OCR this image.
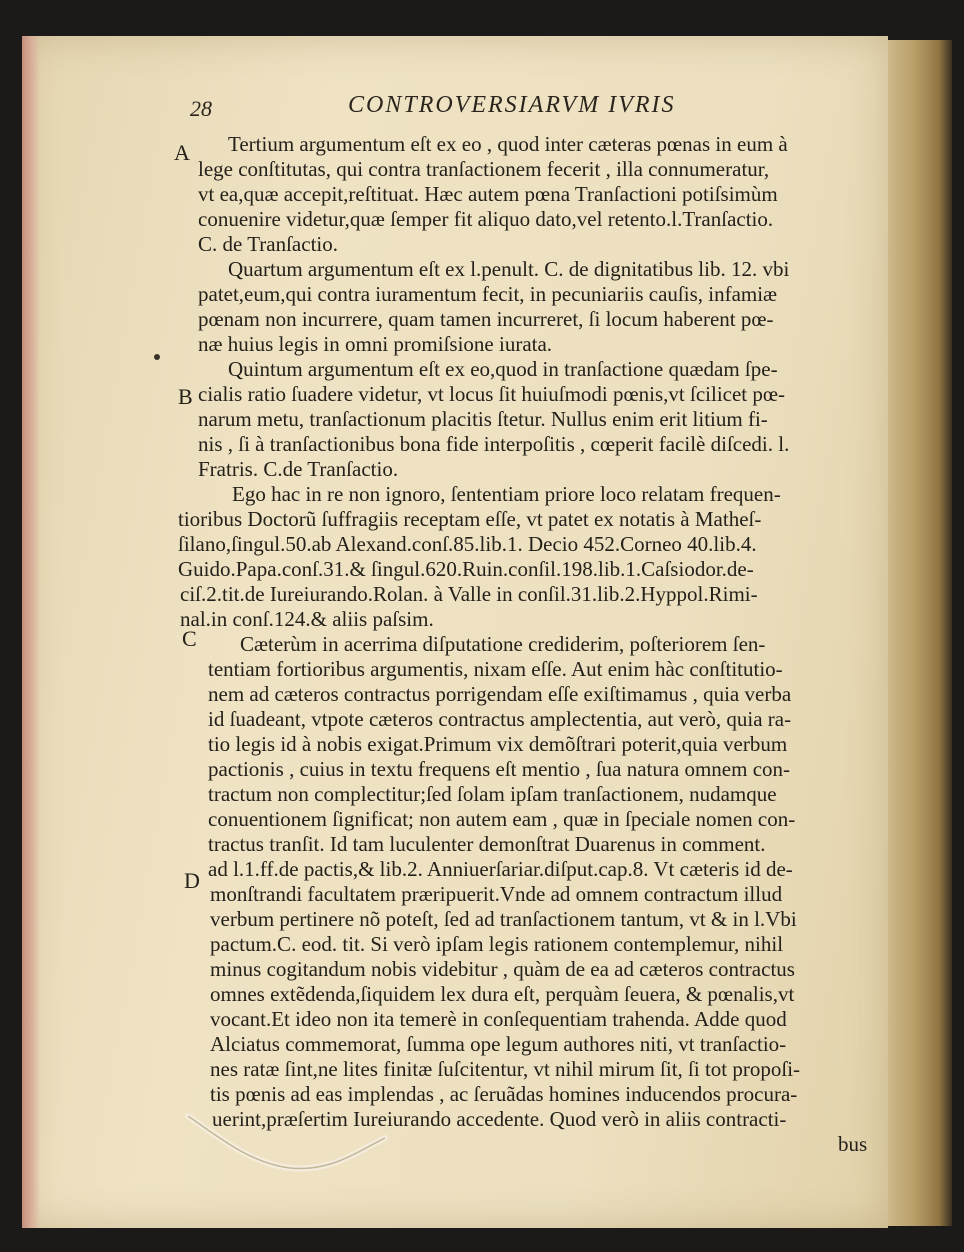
28	CONTROVERSIARVM IVRIS
A
B
C
D
Tertium argumentum eſt ex eo , quod inter cæteras pœnas in eum à
lege conſtitutas, qui contra tranſactionem fecerit , illa connumeratur,
vt ea,quæ accepit,reſtituat. Hæc autem pœna Tranſactioni potiſsimùm
conuenire videtur,quæ ſemper fit aliquo dato,vel retento.l.Tranſactio.
C. de Tranſactio.
Quartum argumentum eſt ex l.penult. C. de dignitatibus lib. 12. vbi
patet,eum,qui contra iuramentum fecit, in pecuniariis cauſis, infamiæ
pœnam non incurrere, quam tamen incurreret, ſi locum haberent pœ-
næ huius legis in omni promiſsione iurata.
Quintum argumentum eſt ex eo,quod in tranſactione quædam ſpe-
cialis ratio ſuadere videtur, vt locus ſit huiuſmodi pœnis,vt ſcilicet pœ-
narum metu, tranſactionum placitis ſtetur. Nullus enim erit litium fi-
nis , ſi à tranſactionibus bona fide interpoſitis , cœperit facilè diſcedi. l.
Fratris. C.de Tranſactio.
Ego hac in re non ignoro, ſententiam priore loco relatam frequen-
tioribus Doctorũ ſuffragiis receptam eſſe, vt patet ex notatis à Matheſ-
ſilano,ſingul.50.ab Alexand.conſ.85.lib.1. Decio 452.Corneo 40.lib.4.
Guido.Papa.conſ.31.& ſingul.620.Ruin.conſil.198.lib.1.Caſsiodor.de-
ciſ.2.tit.de Iureiurando.Rolan. à Valle in conſil.31.lib.2.Hyppol.Rimi-
nal.in conſ.124.& aliis paſsim.
Cæterùm in acerrima diſputatione crediderim, poſteriorem ſen-
tentiam fortioribus argumentis, nixam eſſe. Aut enim hàc conſtitutio-
nem ad cæteros contractus porrigendam eſſe exiſtimamus , quia verba
id ſuadeant, vtpote cæteros contractus amplectentia, aut verò, quia ra-
tio legis id à nobis exigat.Primum vix demõſtrari poterit,quia verbum
pactionis , cuius in textu frequens eſt mentio , ſua natura omnem con-
tractum non complectitur;ſed ſolam ipſam tranſactionem, nudamque
conuentionem ſignificat; non autem eam , quæ in ſpeciale nomen con-
tractus tranſit. Id tam luculenter demonſtrat Duarenus in comment.
ad l.1.ff.de pactis,& lib.2. Anniuerſariar.diſput.cap.8. Vt cæteris id de-
monſtrandi facultatem præripuerit.Vnde ad omnem contractum illud
verbum pertinere nõ poteſt, ſed ad tranſactionem tantum, vt & in l.Vbi
pactum.C. eod. tit. Si verò ipſam legis rationem contemplemur, nihil
minus cogitandum nobis videbitur , quàm de ea ad cæteros contractus
omnes extẽdenda,ſiquidem lex dura eſt, perquàm ſeuera, & pœnalis,vt
vocant.Et ideo non ita temerè in conſequentiam trahenda. Adde quod
Alciatus commemorat, ſumma ope legum authores niti, vt tranſactio-
nes ratæ ſint,ne lites finitæ ſuſcitentur, vt nihil mirum ſit, ſi tot propoſi-
tis pœnis ad eas implendas , ac ſeruãdas homines inducendos procura-
uerint,præſertim Iureiurando accedente. Quod verò in aliis contracti-
bus
